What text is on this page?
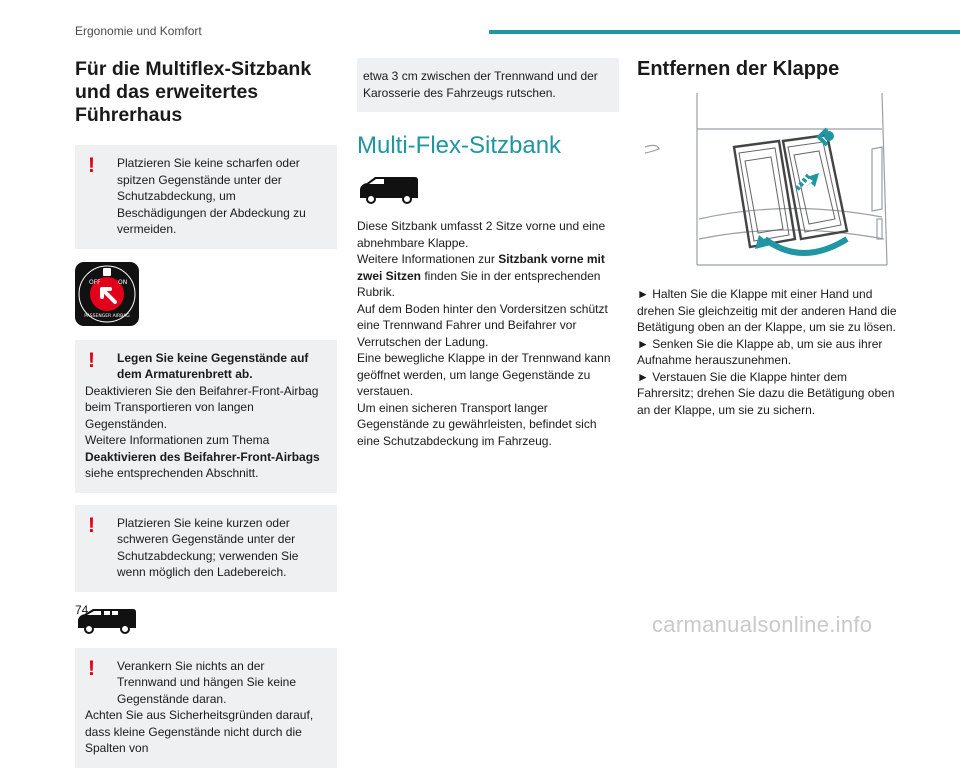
Ergonomie und Komfort
Für die Multiflex-Sitzbank und das erweitertes Führerhaus
!	Platzieren Sie keine scharfen oder spitzen Gegenstände unter der Schutzabdeckung, um Beschädigungen der Abdeckung zu vermeiden.

OFF	ON
PASSENGER AIRBAG
!	Legen Sie keine Gegenstände auf dem Armaturenbrett ab.

Deaktivieren Sie den Beifahrer-Front-Airbag beim Transportieren von langen Gegenständen.

Weitere Informationen zum Thema Deaktivieren des Beifahrer-Front-Airbags siehe entsprechenden Abschnitt.

!	Platzieren Sie keine kurzen oder schweren Gegenstände unter der Schutzabdeckung; verwenden Sie wenn möglich den Ladebereich.

!	Verankern Sie nichts an der Trennwand und hängen Sie keine Gegenstände daran.

Achten Sie aus Sicherheitsgründen darauf, dass kleine Gegenstände nicht durch die Spalten von

etwa 3 cm zwischen der Trennwand und der Karosserie des Fahrzeugs rutschen.

Multi-Flex-Sitzbank

Diese Sitzbank umfasst 2 Sitze vorne und eine abnehmbare Klappe.

Weitere Informationen zur Sitzbank vorne mit zwei Sitzen finden Sie in der entsprechenden Rubrik.

Auf dem Boden hinter den Vordersitzen schützt eine Trennwand Fahrer und Beifahrer vor Verrutschen der Ladung.

Eine bewegliche Klappe in der Trennwand kann geöffnet werden, um lange Gegenstände zu verstauen.

Um einen sicheren Transport langer Gegenstände zu gewährleisten, befindet sich eine Schutzabdeckung im Fahrzeug.

Entfernen der Klappe

► Halten Sie die Klappe mit einer Hand und drehen Sie gleichzeitig mit der anderen Hand die Betätigung oben an der Klappe, um sie zu lösen.

► Senken Sie die Klappe ab, um sie aus ihrer Aufnahme herauszunehmen.

► Verstauen Sie die Klappe hinter dem Fahrersitz; drehen Sie dazu die Betätigung oben an der Klappe, um sie zu sichern.

74
carmanualsonline.info
